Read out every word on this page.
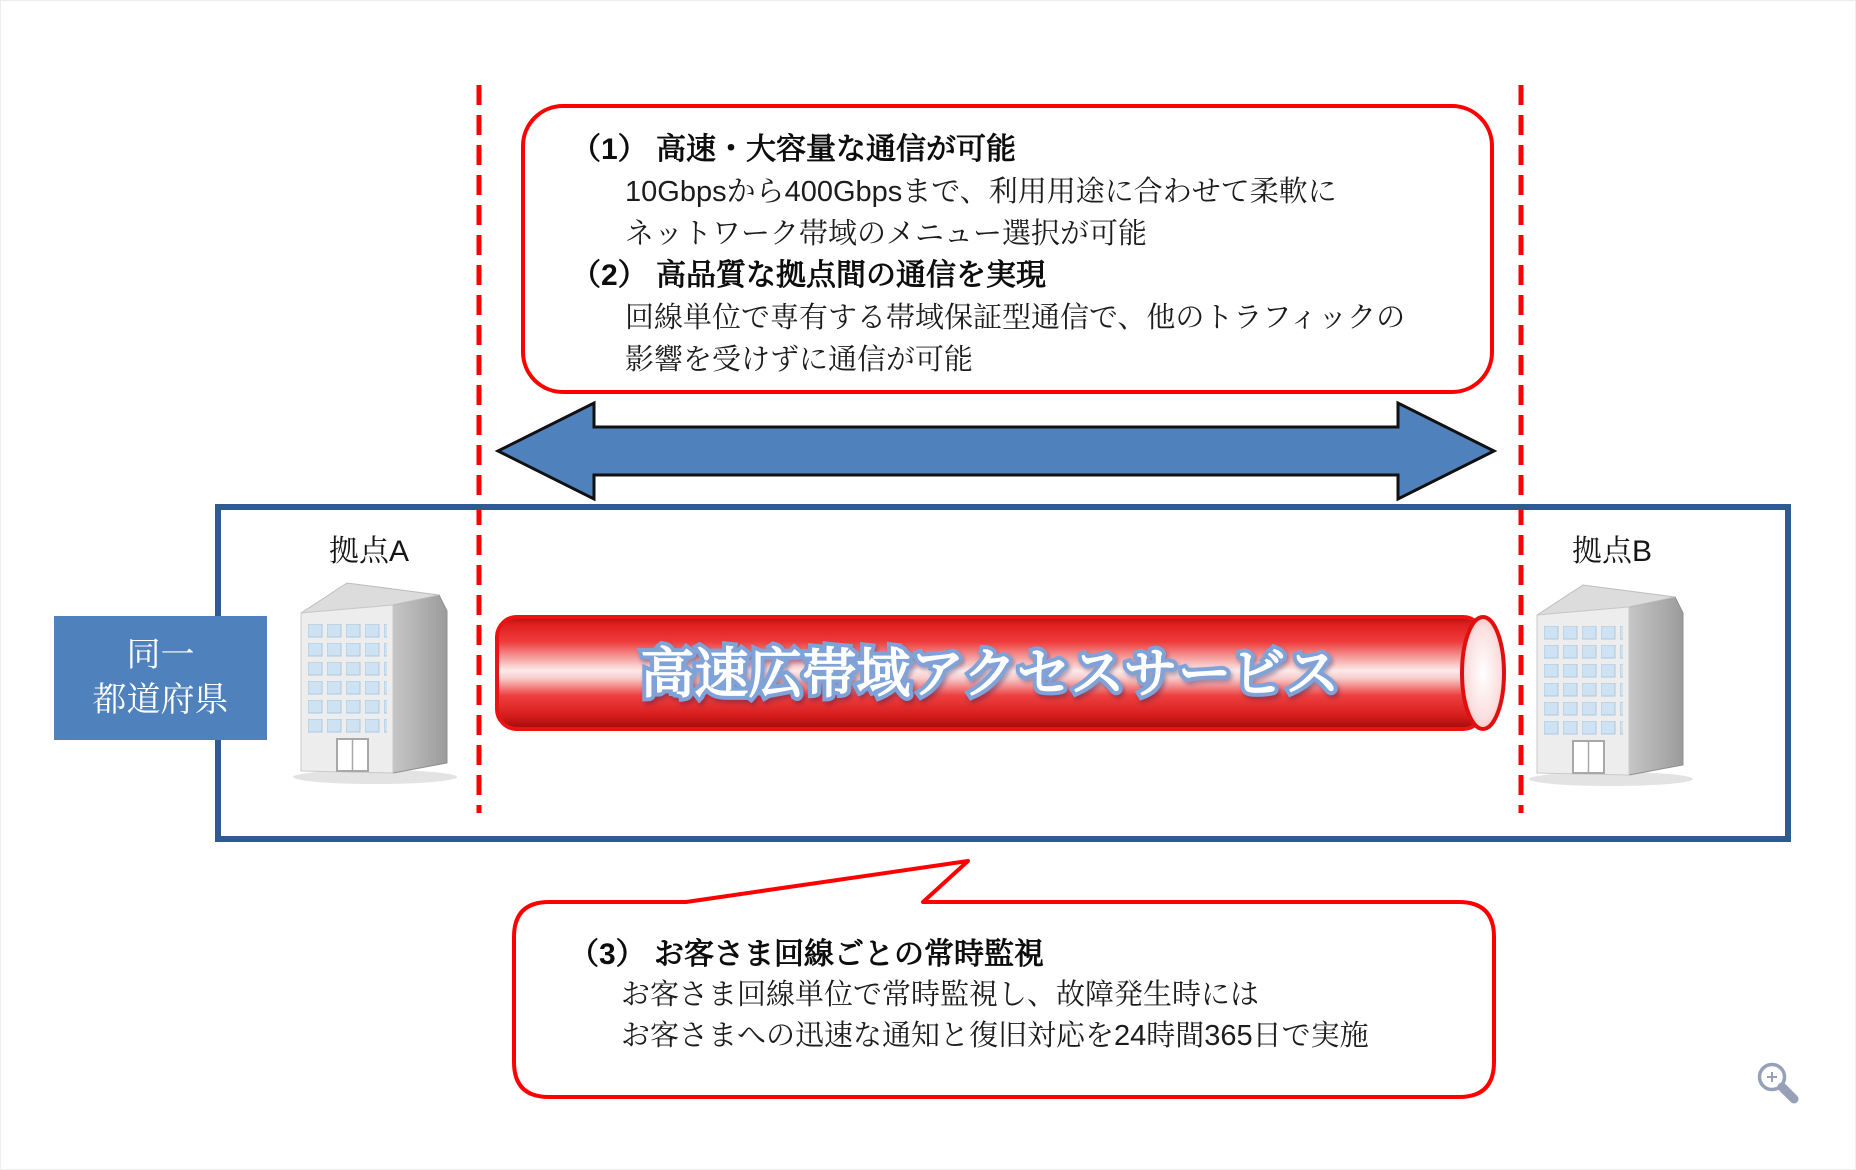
高速広帯域アクセスサービス
（1） 高速・大容量な通信が可能
10Gbpsから400Gbpsまで、利用用途に合わせて柔軟に
ネットワーク帯域のメニュー選択が可能
（2） 高品質な拠点間の通信を実現
回線単位で専有する帯域保証型通信で、他のトラフィックの
影響を受けずに通信が可能
同一
都道府県
拠点A	拠点B
（3） お客さま回線ごとの常時監視
お客さま回線単位で常時監視し、故障発生時には
お客さまへの迅速な通知と復旧対応を24時間365日で実施
